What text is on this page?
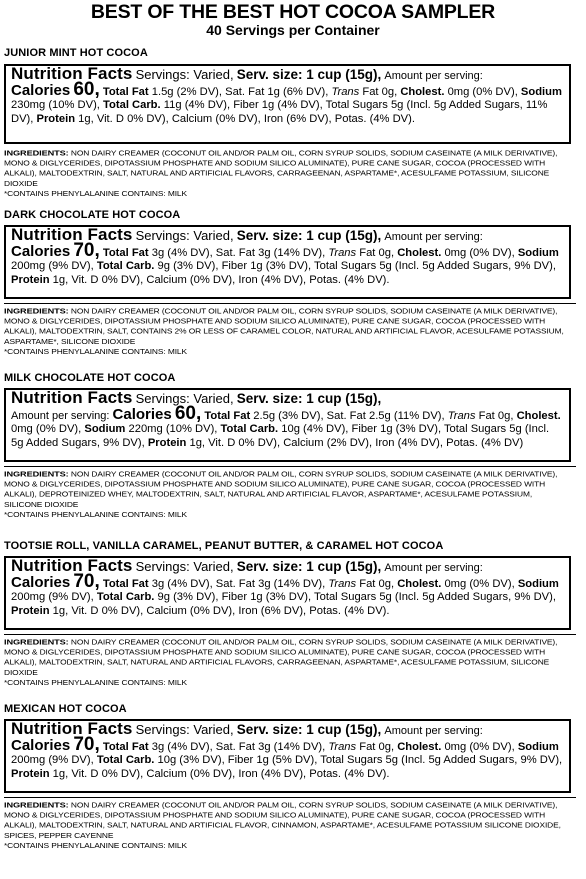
BEST OF THE BEST HOT COCOA SAMPLER
40 Servings per Container
JUNIOR MINT HOT COCOA
Nutrition Facts Servings: Varied, Serv. size: 1 cup (15g), Amount per serving:
Calories 60, Total Fat 1.5g (2% DV), Sat. Fat 1g (6% DV), Trans Fat 0g, Cholest. 0mg (0% DV), Sodium 230mg (10% DV), Total Carb. 11g (4% DV), Fiber 1g (4% DV), Total Sugars 5g (Incl. 5g Added Sugars, 11% DV), Protein 1g, Vit. D 0% DV), Calcium (0% DV), Iron (6% DV), Potas. (4% DV).
INGREDIENTS: NON DAIRY CREAMER (COCONUT OIL AND/OR PALM OIL, CORN SYRUP SOLIDS, SODIUM CASEINATE (A MILK DERIVATIVE), MONO & DIGLYCERIDES, DIPOTASSIUM PHOSPHATE AND SODIUM SILICO ALUMINATE), PURE CANE SUGAR, COCOA (PROCESSED WITH ALKALI), MALTODEXTRIN, SALT, NATURAL AND ARTIFICIAL FLAVORS, CARRAGEENAN, ASPARTAME*, ACESULFAME POTASSIUM, SILICONE DIOXIDE
*CONTAINS PHENYLALANINE CONTAINS: MILK
DARK CHOCOLATE HOT COCOA
Nutrition Facts Servings: Varied, Serv. size: 1 cup (15g), Amount per serving:
Calories 70, Total Fat 3g (4% DV), Sat. Fat 3g (14% DV), Trans Fat 0g, Cholest. 0mg (0% DV), Sodium 200mg (9% DV), Total Carb. 9g (3% DV), Fiber 1g (3% DV), Total Sugars 5g (Incl. 5g Added Sugars, 9% DV), Protein 1g, Vit. D 0% DV), Calcium (0% DV), Iron (4% DV), Potas. (4% DV).
INGREDIENTS: NON DAIRY CREAMER (COCONUT OIL AND/OR PALM OIL, CORN SYRUP SOLIDS, SODIUM CASEINATE (A MILK DERIVATIVE), MONO & DIGLYCERIDES, DIPOTASSIUM PHOSPHATE AND SODIUM SILICO ALUMINATE), PURE CANE SUGAR, COCOA (PROCESSED WITH ALKALI), MALTODEXTRIN, SALT, CONTAINS 2% OR LESS OF CARAMEL COLOR, NATURAL AND ARTIFICIAL FLAVOR, ACESULFAME POTASSIUM, ASPARTAME*, SILICONE DIOXIDE
*CONTAINS PHENYLALANINE CONTAINS: MILK
MILK CHOCOLATE HOT COCOA
Nutrition Facts Servings: Varied, Serv. size: 1 cup (15g),
Amount per serving: Calories 60, Total Fat 2.5g (3% DV), Sat. Fat 2.5g (11% DV), Trans Fat 0g, Cholest. 0mg (0% DV), Sodium 220mg (10% DV), Total Carb. 10g (4% DV), Fiber 1g (3% DV), Total Sugars 5g (Incl. 5g Added Sugars, 9% DV), Protein 1g, Vit. D 0% DV), Calcium (2% DV), Iron (4% DV), Potas. (4% DV)
INGREDIENTS: NON DAIRY CREAMER (COCONUT OIL AND/OR PALM OIL, CORN SYRUP SOLIDS, SODIUM CASEINATE (A MILK DERIVATIVE), MONO & DIGLYCERIDES, DIPOTASSIUM PHOSPHATE AND SODIUM SILICO ALUMINATE), PURE CANE SUGAR, COCOA (PROCESSED WITH ALKALI), DEPROTEINIZED WHEY, MALTODEXTRIN, SALT, NATURAL AND ARTIFICIAL FLAVOR, ASPARTAME*, ACESULFAME POTASSIUM, SILICONE DIOXIDE
*CONTAINS PHENYLALANINE CONTAINS: MILK
TOOTSIE ROLL, VANILLA CARAMEL, PEANUT BUTTER, & CARAMEL HOT COCOA
Nutrition Facts Servings: Varied, Serv. size: 1 cup (15g), Amount per serving:
Calories 70, Total Fat 3g (4% DV), Sat. Fat 3g (14% DV), Trans Fat 0g, Cholest. 0mg (0% DV), Sodium 200mg (9% DV), Total Carb. 9g (3% DV), Fiber 1g (3% DV), Total Sugars 5g (Incl. 5g Added Sugars, 9% DV), Protein 1g, Vit. D 0% DV), Calcium (0% DV), Iron (6% DV), Potas. (4% DV).
INGREDIENTS: NON DAIRY CREAMER (COCONUT OIL AND/OR PALM OIL, CORN SYRUP SOLIDS, SODIUM CASEINATE (A MILK DERIVATIVE), MONO & DIGLYCERIDES, DIPOTASSIUM PHOSPHATE AND SODIUM SILICO ALUMINATE), PURE CANE SUGAR, COCOA (PROCESSED WITH ALKALI), MALTODEXTRIN, SALT, NATURAL AND ARTIFICIAL FLAVORS, CARRAGEENAN, ASPARTAME*, ACESULFAME POTASSIUM, SILICONE DIOXIDE
*CONTAINS PHENYLALANINE CONTAINS: MILK
MEXICAN HOT COCOA
Nutrition Facts Servings: Varied, Serv. size: 1 cup (15g), Amount per serving:
Calories 70, Total Fat 3g (4% DV), Sat. Fat 3g (14% DV), Trans Fat 0g, Cholest. 0mg (0% DV), Sodium 200mg (9% DV), Total Carb. 10g (3% DV), Fiber 1g (5% DV), Total Sugars 5g (Incl. 5g Added Sugars, 9% DV), Protein 1g, Vit. D 0% DV), Calcium (0% DV), Iron (4% DV), Potas. (4% DV).
INGREDIENTS: NON DAIRY CREAMER (COCONUT OIL AND/OR PALM OIL, CORN SYRUP SOLIDS, SODIUM CASEINATE (A MILK DERIVATIVE), MONO & DIGLYCERIDES, DIPOTASSIUM PHOSPHATE AND SODIUM SILICO ALUMINATE), PURE CANE SUGAR, COCOA (PROCESSED WITH ALKALI), MALTODEXTRIN, SALT, NATURAL AND ARTIFICIAL FLAVOR, CINNAMON, ASPARTAME*, ACESULFAME POTASSIUM SILICONE DIOXIDE, SPICES, PEPPER CAYENNE
*CONTAINS PHENYLALANINE CONTAINS: MILK
